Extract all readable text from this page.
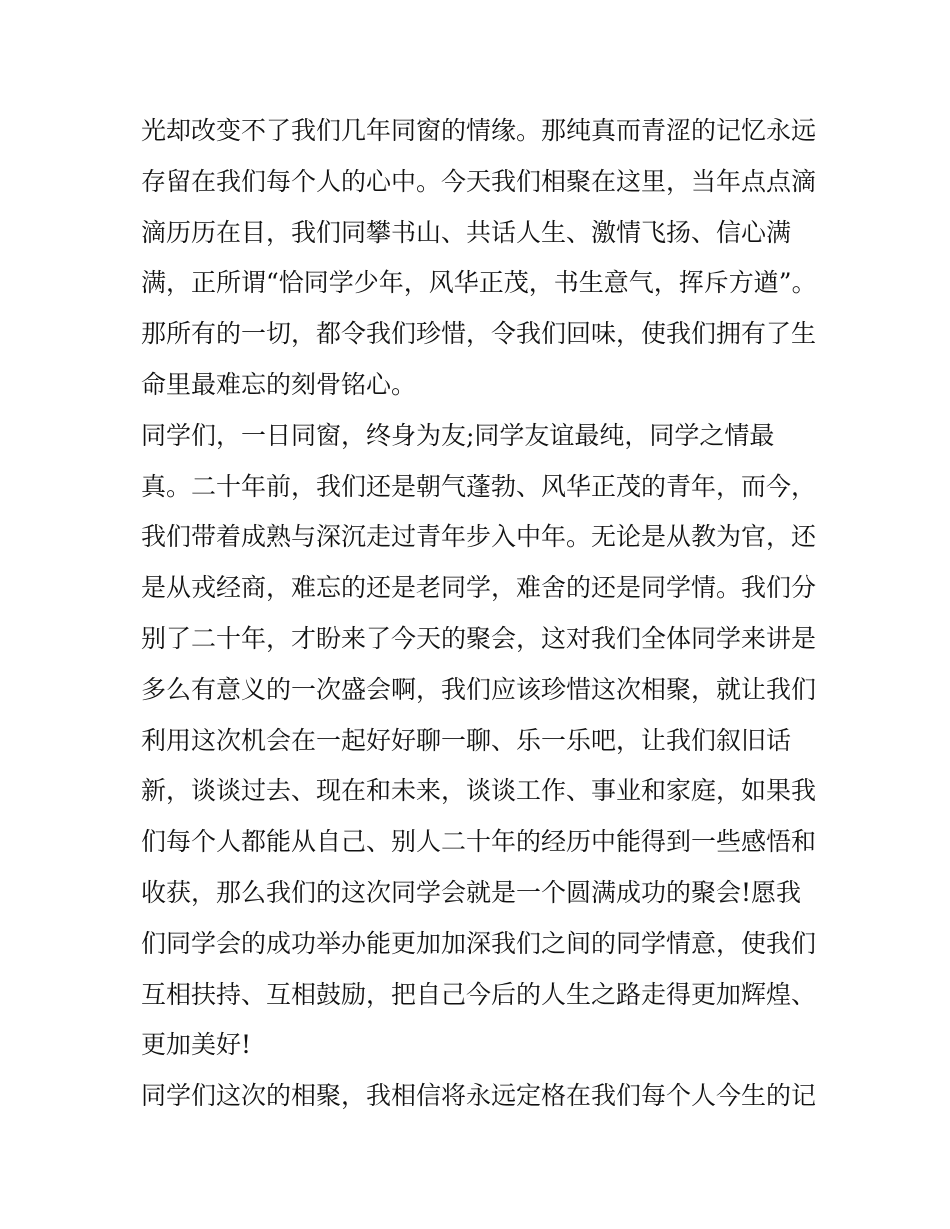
光却改变不了我们几年同窗的情缘。那纯真而青涩的记忆永远
存留在我们每个人的心中。今天我们相聚在这里，当年点点滴
滴历历在目，我们同攀书山、共话人生、激情飞扬、信心满
满，正所谓“恰同学少年，风华正茂，书生意气，挥斥方遒”。
那所有的一切，都令我们珍惜，令我们回味，使我们拥有了生
命里最难忘的刻骨铭心。
同学们，一日同窗，终身为友;同学友谊最纯，同学之情最
真。二十年前，我们还是朝气蓬勃、风华正茂的青年，而今，
我们带着成熟与深沉走过青年步入中年。无论是从教为官，还
是从戎经商，难忘的还是老同学，难舍的还是同学情。我们分
别了二十年，才盼来了今天的聚会，这对我们全体同学来讲是
多么有意义的一次盛会啊，我们应该珍惜这次相聚，就让我们
利用这次机会在一起好好聊一聊、乐一乐吧，让我们叙旧话
新，谈谈过去、现在和未来，谈谈工作、事业和家庭，如果我
们每个人都能从自己、别人二十年的经历中能得到一些感悟和
收获，那么我们的这次同学会就是一个圆满成功的聚会!愿我
们同学会的成功举办能更加加深我们之间的同学情意，使我们
互相扶持、互相鼓励，把自己今后的人生之路走得更加辉煌、
更加美好!
同学们这次的相聚，我相信将永远定格在我们每个人今生的记
